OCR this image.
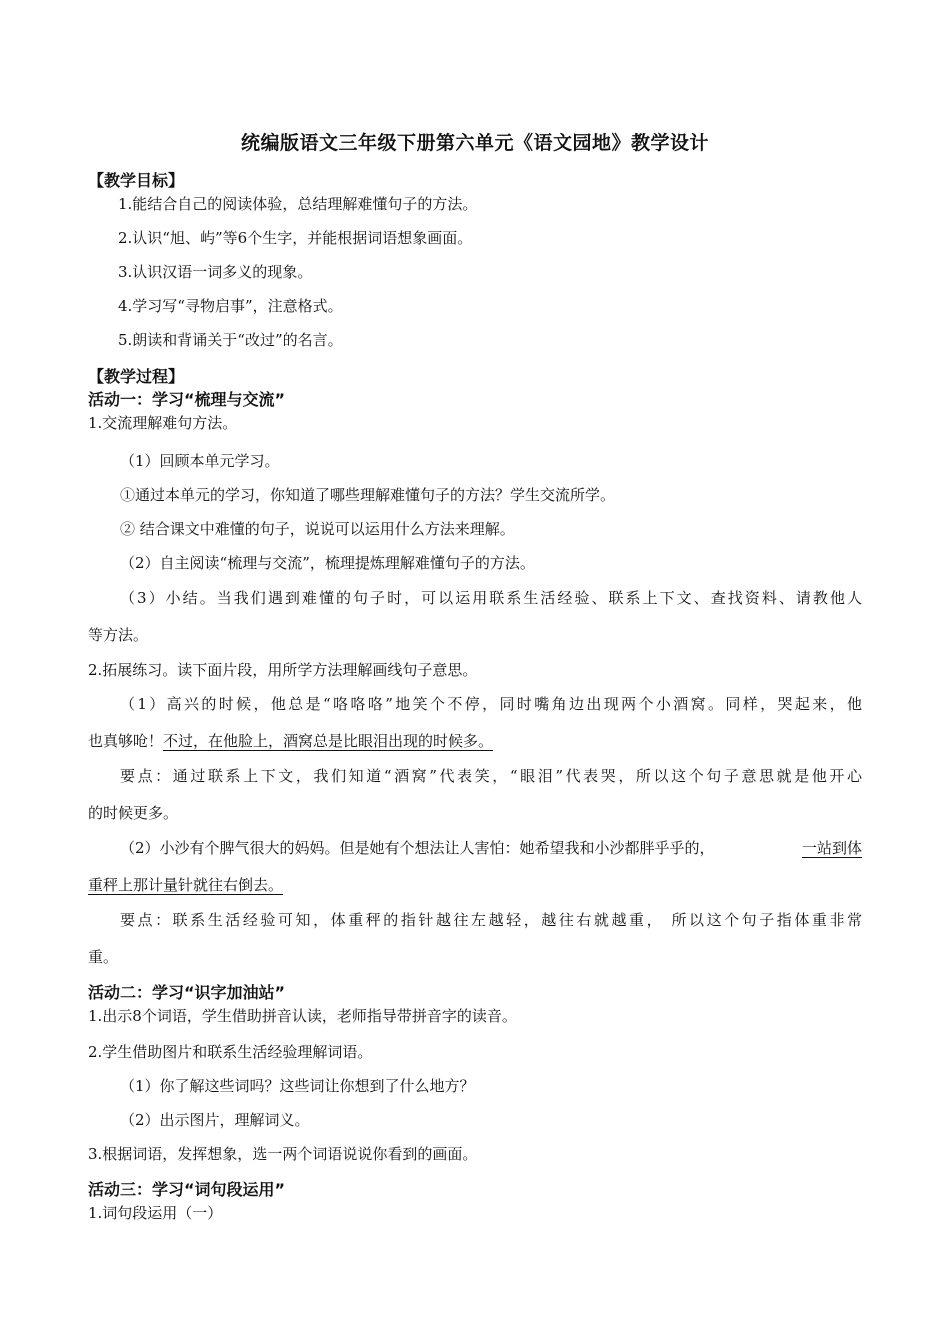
统编版语文三年级下册第六单元《语文园地》教学设计
【教学目标】
1.能结合自己的阅读体验，总结理解难懂句子的方法。
2.认识“旭、屿”等6个生字，并能根据词语想象画面。
3.认识汉语一词多义的现象。
4.学习写“寻物启事”，注意格式。
5.朗读和背诵关于“改过”的名言。
【教学过程】
活动一：学习“梳理与交流”
1.交流理解难句方法。
（1）回顾本单元学习。
①通过本单元的学习，你知道了哪些理解难懂句子的方法？学生交流所学。
② 结合课文中难懂的句子，说说可以运用什么方法来理解。
（2）自主阅读“梳理与交流”，梳理提炼理解难懂句子的方法。
（3）小结。当我们遇到难懂的句子时，可以运用联系生活经验、联系上下文、查找资料、请教他人
等方法。
2.拓展练习。读下面片段，用所学方法理解画线句子意思。
（1）高兴的时候，他总是“咯咯咯”地笑个不停，同时嘴角边出现两个小酒窝。同样，哭起来，他
也真够呛！不过，在他脸上，酒窝总是比眼泪出现的时候多。
要点：通过联系上下文，我们知道“酒窝”代表笑，“眼泪”代表哭，所以这个句子意思就是他开心
的时候更多。
（2）小沙有个脾气很大的妈妈。但是她有个想法让人害怕：她希望我和小沙都胖乎乎的，	一站到体
重秤上那计量针就往右倒去。
要点：联系生活经验可知，体重秤的指针越往左越轻，越往右就越重， 所以这个句子指体重非常
重。
活动二：学习“识字加油站”
1.出示8个词语，学生借助拼音认读，老师指导带拼音字的读音。
2.学生借助图片和联系生活经验理解词语。
（1）你了解这些词吗？这些词让你想到了什么地方？
（2）出示图片，理解词义。
3.根据词语，发挥想象，选一两个词语说说你看到的画面。
活动三：学习“词句段运用”
1.词句段运用（一）
